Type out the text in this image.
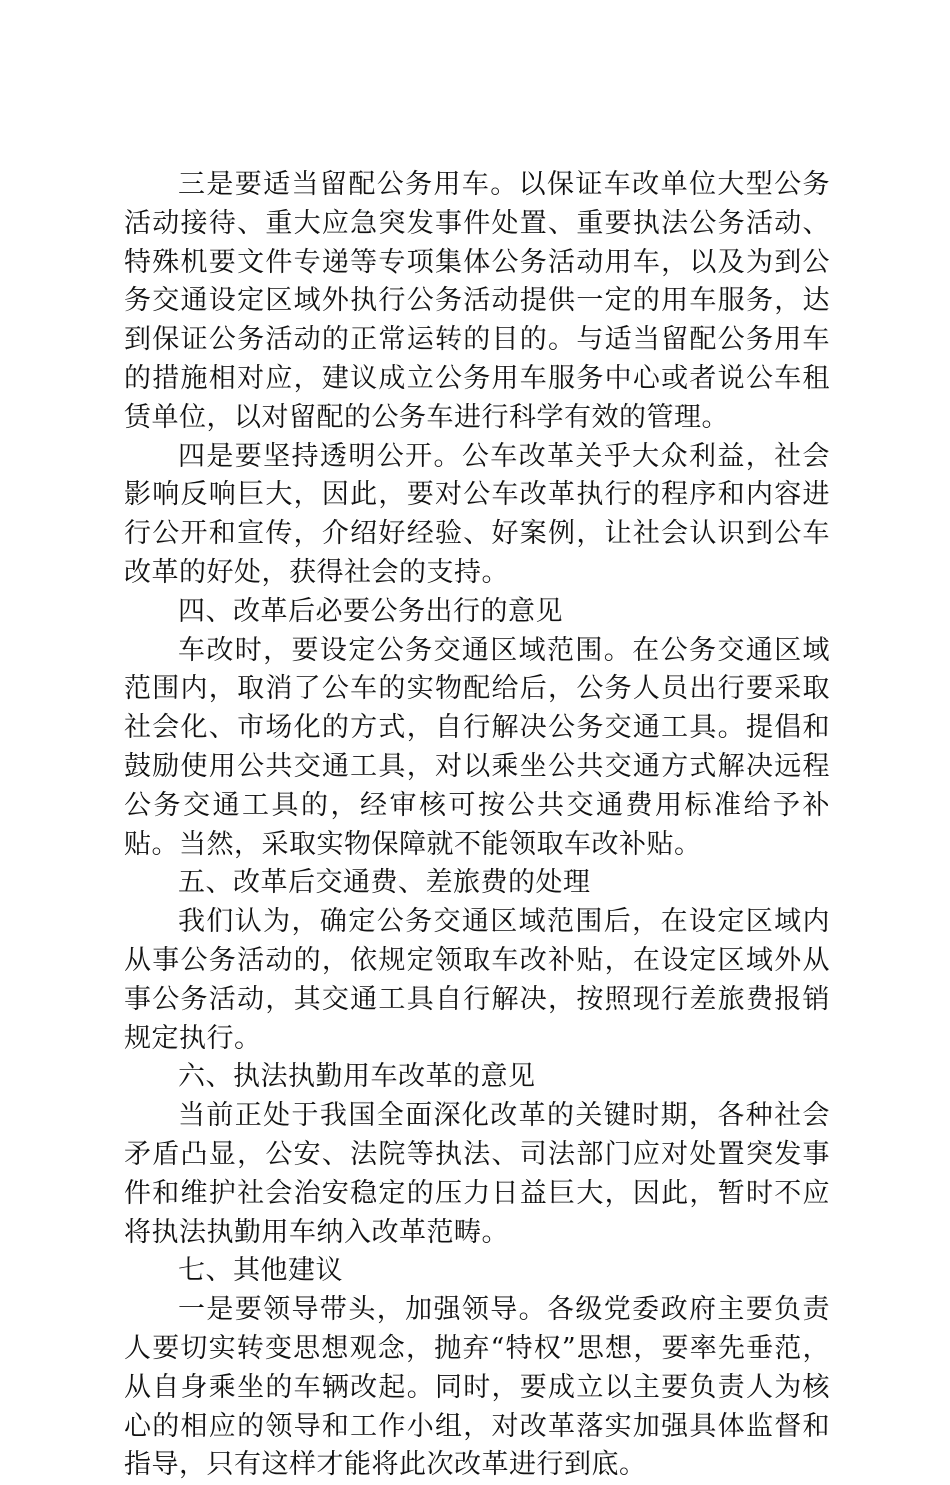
三是要适当留配公务用车。以保证车改单位大型公务活动接待、重大应急突发事件处置、重要执法公务活动、特殊机要文件专递等专项集体公务活动用车，以及为到公务交通设定区域外执行公务活动提供一定的用车服务，达到保证公务活动的正常运转的目的。与适当留配公务用车的措施相对应，建议成立公务用车服务中心或者说公车租赁单位，以对留配的公务车进行科学有效的管理。

四是要坚持透明公开。公车改革关乎大众利益，社会影响反响巨大，因此，要对公车改革执行的程序和内容进行公开和宣传，介绍好经验、好案例，让社会认识到公车改革的好处，获得社会的支持。

四、改革后必要公务出行的意见

车改时，要设定公务交通区域范围。在公务交通区域范围内，取消了公车的实物配给后，公务人员出行要采取社会化、市场化的方式，自行解决公务交通工具。提倡和鼓励使用公共交通工具，对以乘坐公共交通方式解决远程公务交通工具的，经审核可按公共交通费用标准给予补贴。当然，采取实物保障就不能领取车改补贴。

五、改革后交通费、差旅费的处理

我们认为，确定公务交通区域范围后，在设定区域内从事公务活动的，依规定领取车改补贴，在设定区域外从事公务活动，其交通工具自行解决，按照现行差旅费报销规定执行。

六、执法执勤用车改革的意见

当前正处于我国全面深化改革的关键时期，各种社会矛盾凸显，公安、法院等执法、司法部门应对处置突发事件和维护社会治安稳定的压力日益巨大，因此，暂时不应将执法执勤用车纳入改革范畴。

七、其他建议

一是要领导带头，加强领导。各级党委政府主要负责人要切实转变思想观念，抛弃“特权”思想，要率先垂范，从自身乘坐的车辆改起。同时，要成立以主要负责人为核心的相应的领导和工作小组，对改革落实加强具体监督和指导，只有这样才能将此次改革进行到底。
